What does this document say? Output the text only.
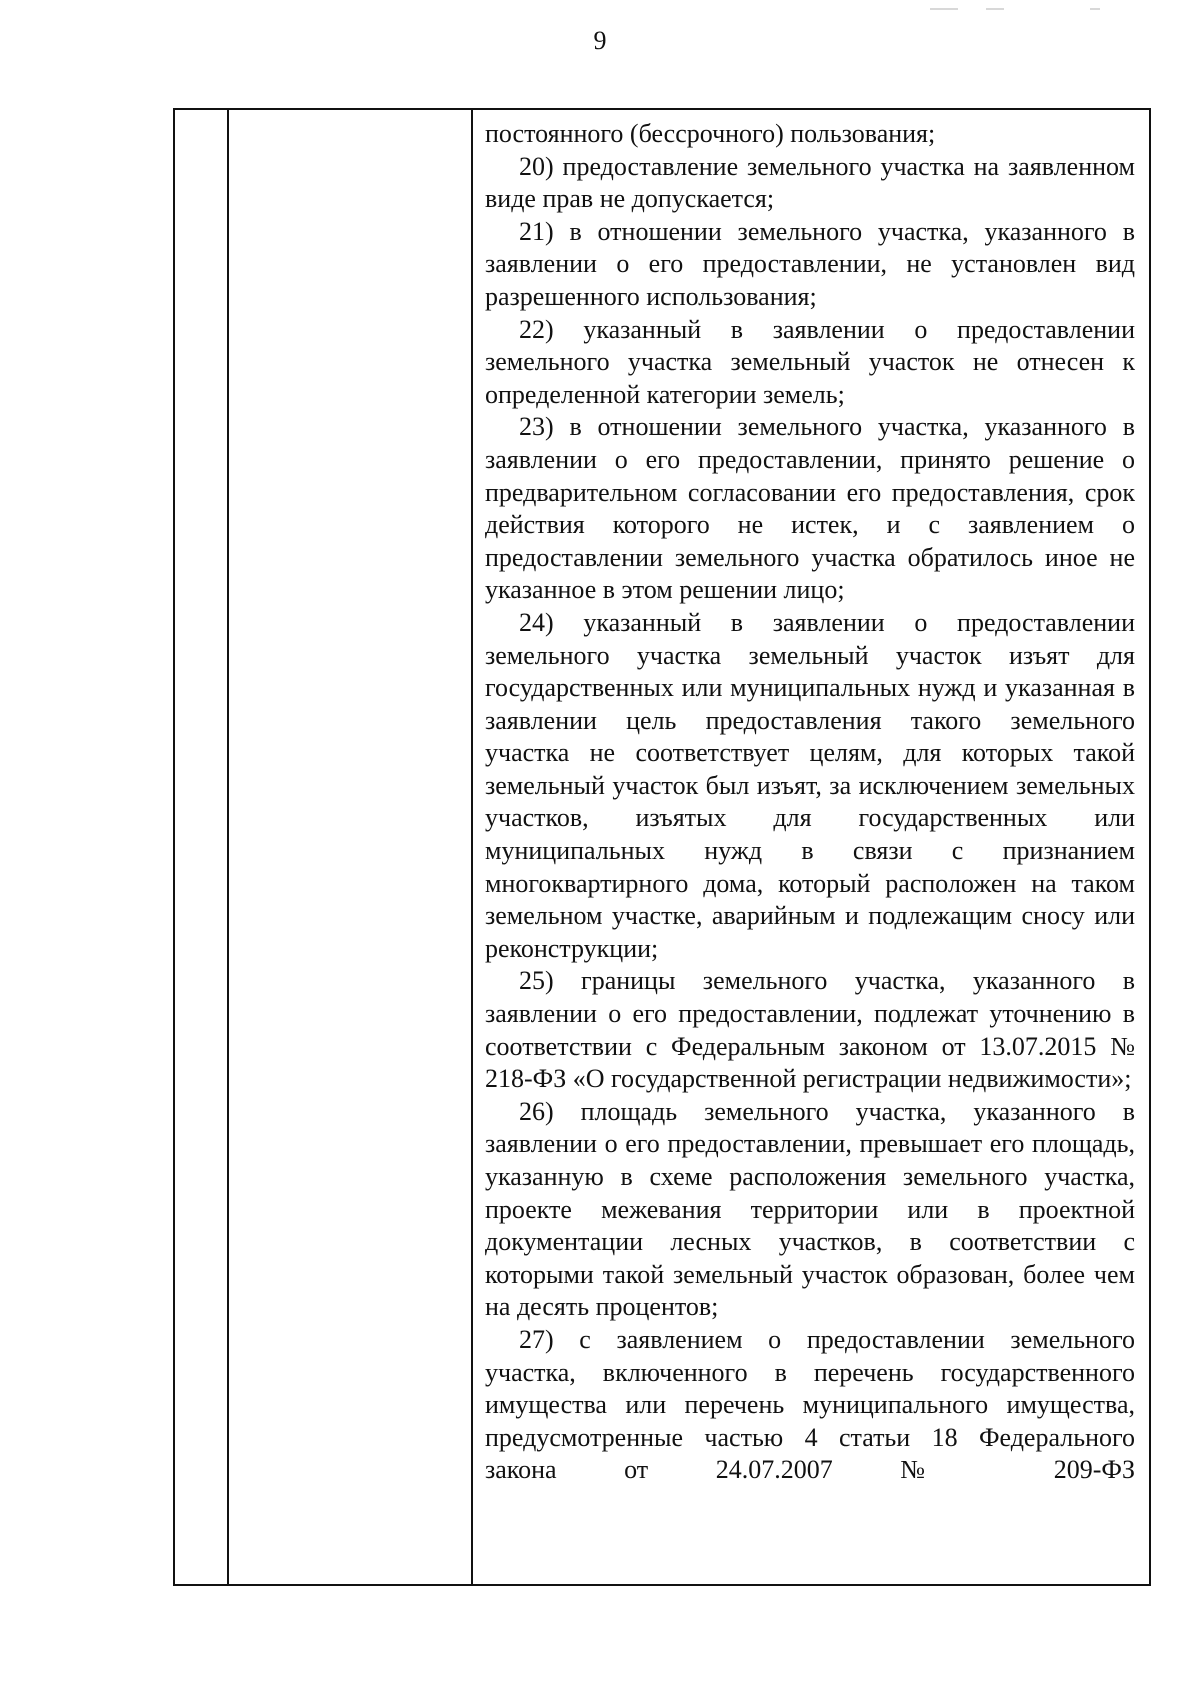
9

постоянного (бессрочного) пользования;

20) предоставление земельного участка на заявленном виде прав не допускается;

21) в отношении земельного участка, указанного в заявлении о его предоставлении, не установлен вид разрешенного использования;

22) указанный в заявлении о предоставлении земельного участка земельный участок не отнесен к определенной категории земель;

23) в отношении земельного участка, указанного в заявлении о его предоставлении, принято решение о предварительном согласовании его предоставления, срок действия которого не истек, и с заявлением о предоставлении земельного участка обратилось иное не указанное в этом решении лицо;

24) указанный в заявлении о предоставлении земельного участка земельный участок изъят для государственных или муниципальных нужд и указанная в заявлении цель предоставления такого земельного участка не соответствует целям, для которых такой земельный участок был изъят, за исключением земельных участков, изъятых для государственных или муниципальных нужд в связи с признанием многоквартирного дома, который расположен на таком земельном участке, аварийным и подлежащим сносу или реконструкции;

25) границы земельного участка, указанного в заявлении о его предоставлении, подлежат уточнению в соответствии с Федеральным законом от 13.07.2015 № 218-ФЗ «О государственной регистрации недвижимости»;

26) площадь земельного участка, указанного в заявлении о его предоставлении, превышает его площадь, указанную в схеме расположения земельного участка, проекте межевания территории или в проектной документации лесных участков, в соответствии с которыми такой земельный участок образован, более чем на десять процентов;

27) с заявлением о предоставлении земельного участка, включенного в перечень государственного имущества или перечень муниципального имущества, предусмотренные частью 4 статьи 18 Федерального закона от 24.07.2007 № 209-ФЗ
